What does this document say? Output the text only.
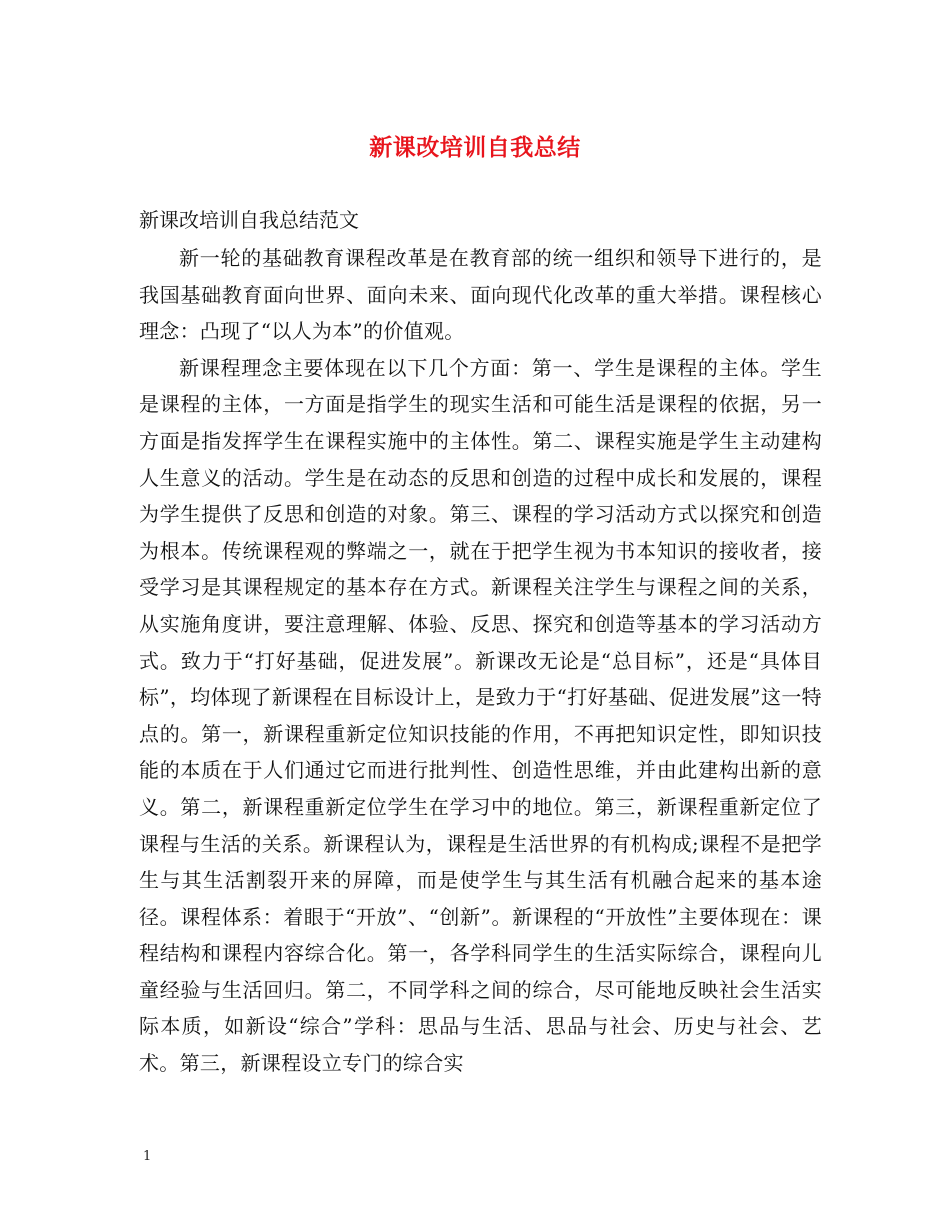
新课改培训自我总结
新课改培训自我总结范文

新一轮的基础教育课程改革是在教育部的统一组织和领导下进行的，是我国基础教育面向世界、面向未来、面向现代化改革的重大举措。课程核心理念：凸现了“以人为本”的价值观。

新课程理念主要体现在以下几个方面：第一、学生是课程的主体。学生是课程的主体，一方面是指学生的现实生活和可能生活是课程的依据，另一方面是指发挥学生在课程实施中的主体性。第二、课程实施是学生主动建构人生意义的活动。学生是在动态的反思和创造的过程中成长和发展的，课程为学生提供了反思和创造的对象。第三、课程的学习活动方式以探究和创造为根本。传统课程观的弊端之一，就在于把学生视为书本知识的接收者，接受学习是其课程规定的基本存在方式。新课程关注学生与课程之间的关系，从实施角度讲，要注意理解、体验、反思、探究和创造等基本的学习活动方式。致力于“打好基础，促进发展”。新课改无论是“总目标”，还是“具体目标”，均体现了新课程在目标设计上，是致力于“打好基础、促进发展”这一特点的。第一，新课程重新定位知识技能的作用，不再把知识定性，即知识技能的本质在于人们通过它而进行批判性、创造性思维，并由此建构出新的意义。第二，新课程重新定位学生在学习中的地位。第三，新课程重新定位了课程与生活的关系。新课程认为，课程是生活世界的有机构成;课程不是把学生与其生活割裂开来的屏障，而是使学生与其生活有机融合起来的基本途径。课程体系：着眼于“开放”、“创新”。新课程的“开放性”主要体现在：课程结构和课程内容综合化。第一，各学科同学生的生活实际综合，课程向儿童经验与生活回归。第二，不同学科之间的综合，尽可能地反映社会生活实际本质，如新设“综合”学科：思品与生活、思品与社会、历史与社会、艺术。第三，新课程设立专门的综合实

1
